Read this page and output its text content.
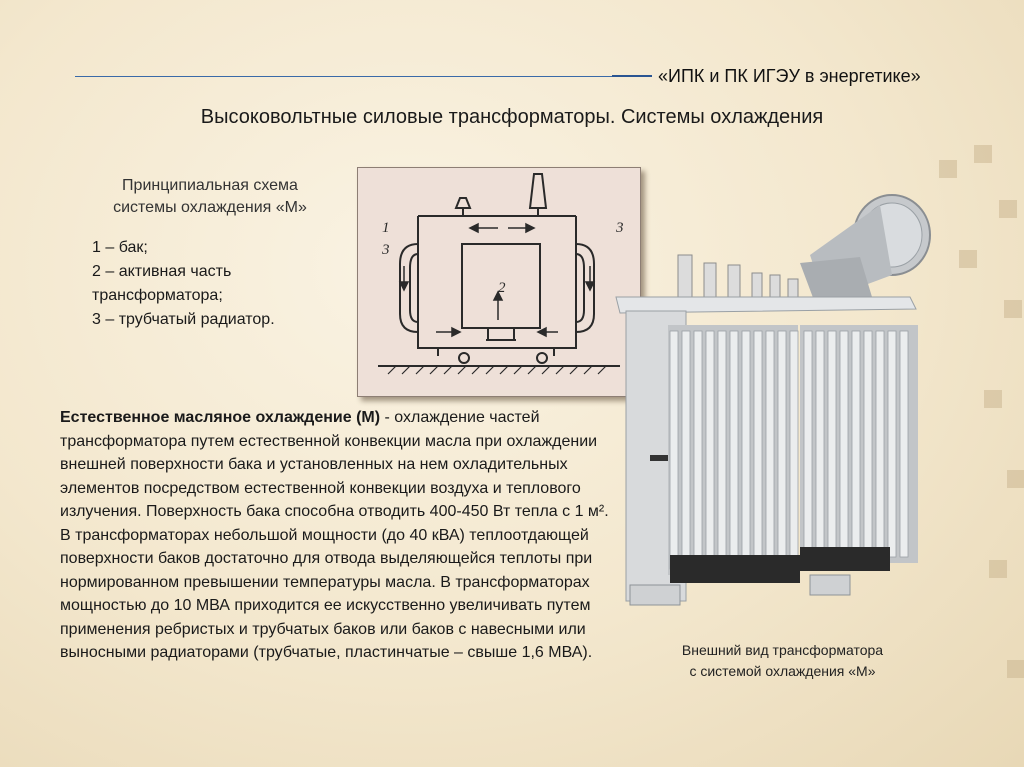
«ИПК и ПК ИГЭУ в энергетике»
Высоковольтные силовые трансформаторы. Системы охлаждения
Принципиальная схема
системы охлаждения «М»
1 – бак;
2 – активная часть
трансформатора;
3 – трубчатый радиатор.
1
3
3
2

Естественное масляное охлаждение (М) - охлаждение частей трансформатора путем естественной конвекции масла при охлаждении внешней поверхности бака и установленных на нем охладительных элементов посредством естественной конвекции воздуха и теплового излучения. Поверхность бака способна отводить 400-450 Вт тепла с 1 м².

В трансформаторах небольшой мощности (до 40 кВА) теплоотдающей поверхности баков достаточно для отвода выделяющейся теплоты при нормированном превышении температуры масла. В трансформаторах мощностью до 10 МВА приходится ее искусственно увеличивать путем применения ребристых и трубчатых баков или баков с навесными или выносными радиаторами (трубчатые, пластинчатые – свыше 1,6 МВА).	Внешний вид трансформатора
с системой охлаждения «М»
